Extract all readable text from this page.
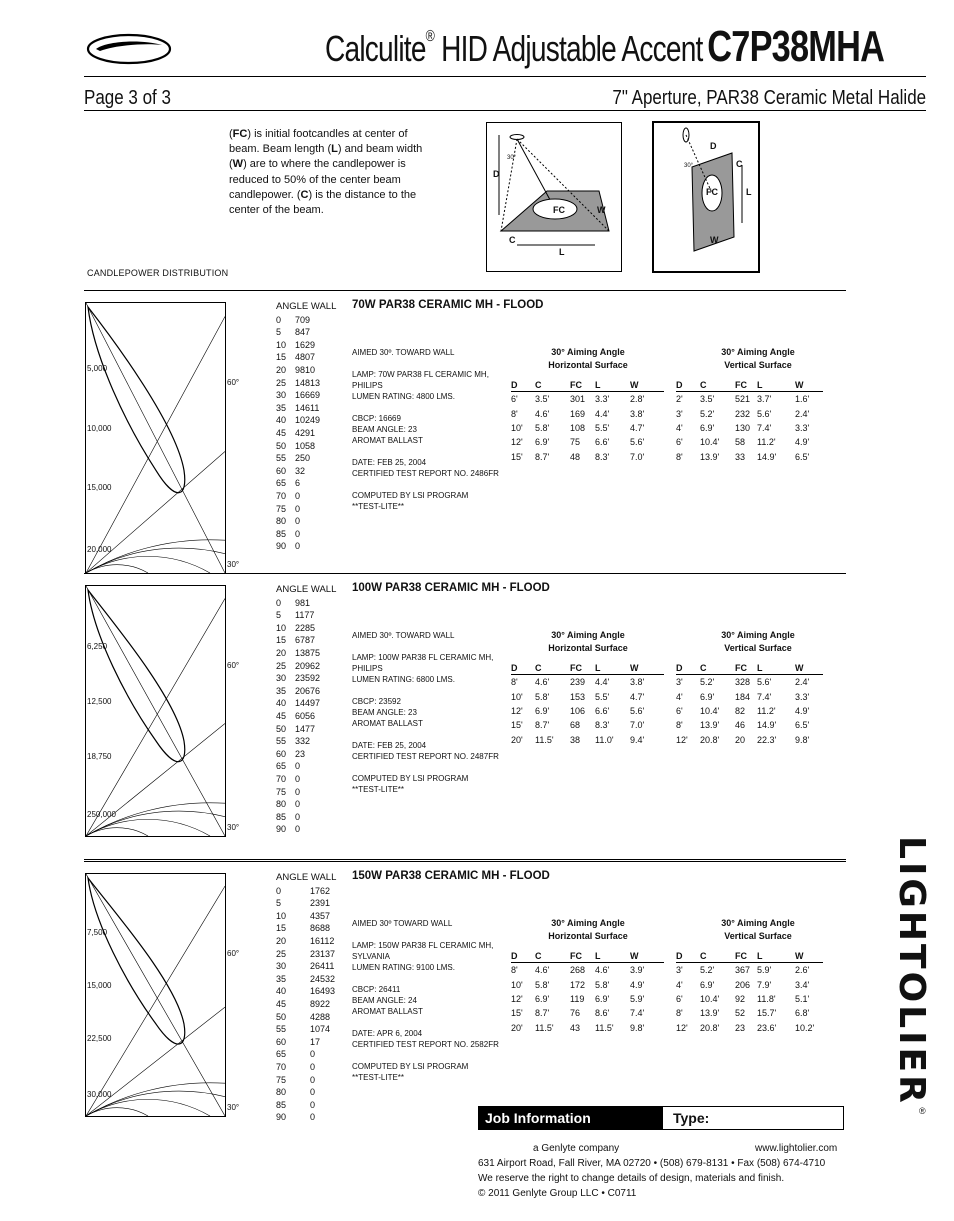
Calculite® HID Adjustable Accent C7P38MHA
Page 3 of 3	7" Aperture, PAR38 Ceramic Metal Halide
(FC) is initial footcandles at center of beam. Beam length (L) and beam width (W) are to where the candlepower is reduced to 50% of the center beam candlepower. (C) is the distance to the center of the beam.
D
30°
FC	W
C
L
D
30°	C
FC	L
W
CANDLEPOWER DISTRIBUTION
5,000
10,000
15,000
20,000
60°
30°
ANGLE WALL
0 709
5 847
10 1629
15 4807
20 9810
25 14813
30 16669
35 14611
40 10249
45 4291
50 1058
55 250
60 32
65 6
70 0
75 0
80 0
85 0
90 0
70W PAR38 CERAMIC MH - FLOOD
AIMED 30º. TOWARD WALL
LAMP: 70W PAR38 FL CERAMIC MH,
PHILIPS
LUMEN RATING: 4800 LMS.
CBCP: 16669
BEAM ANGLE: 23
AROMAT BALLAST
DATE: FEB 25, 2004
CERTIFIED TEST REPORT NO. 2486FR
COMPUTED BY LSI PROGRAM
**TEST-LITE**
30° Aiming Angle
Horizontal Surface
30° Aiming Angle
Vertical Surface
D	C	FC	L	W
6'	3.5'	301	3.3'	2.8'
8'	4.6'	169	4.4'	3.8'
10'	5.8'	108	5.5'	4.7'
12'	6.9'	75	6.6'	5.6'
15'	8.7'	48	8.3'	7.0'
D	C	FC	L	W
2'	3.5'	521	3.7'	1.6'
3'	5.2'	232	5.6'	2.4'
4'	6.9'	130	7.4'	3.3'
6'	10.4'	58	11.2'	4.9'
8'	13.9'	33	14.9'	6.5'
6,250
12,500
18,750
250,000
60°
30°
ANGLE WALL
0 981
5 1177
10 2285
15 6787
20 13875
25 20962
30 23592
35 20676
40 14497
45 6056
50 1477
55 332
60 23
65 0
70 0
75 0
80 0
85 0
90 0
100W PAR38 CERAMIC MH - FLOOD
AIMED 30º. TOWARD WALL
LAMP: 100W PAR38 FL CERAMIC MH,
PHILIPS
LUMEN RATING: 6800 LMS.
CBCP: 23592
BEAM ANGLE: 23
AROMAT BALLAST
DATE: FEB 25, 2004
CERTIFIED TEST REPORT NO. 2487FR
COMPUTED BY LSI PROGRAM
**TEST-LITE**
30° Aiming Angle
Horizontal Surface
30° Aiming Angle
Vertical Surface
D	C	FC	L	W
8'	4.6'	239	4.4'	3.8'
10'	5.8'	153	5.5'	4.7'
12'	6.9'	106	6.6'	5.6'
15'	8.7'	68	8.3'	7.0'
20'	11.5'	38	11.0'	9.4'
D	C	FC	L	W
3'	5.2'	328	5.6'	2.4'
4'	6.9'	184	7.4'	3.3'
6'	10.4'	82	11.2'	4.9'
8'	13.9'	46	14.9'	6.5'
12'	20.8'	20	22.3'	9.8'
7,500
15,000
22,500
30,000
60°
30°
ANGLE WALL
0	1762
5	2391
10	4357
15	8688
20	16112
25	23137
30	26411
35	24532
40	16493
45	8922
50	4288
55	1074
60	17
65	0
70	0
75	0
80	0
85	0
90	0
150W PAR38 CERAMIC MH - FLOOD
AIMED 30º TOWARD WALL
LAMP: 150W PAR38 FL CERAMIC MH,
SYLVANIA
LUMEN RATING: 9100 LMS.
CBCP: 26411
BEAM ANGLE: 24
AROMAT BALLAST
DATE: APR 6, 2004
CERTIFIED TEST REPORT NO. 2582FR
COMPUTED BY LSI PROGRAM
**TEST-LITE**
30° Aiming Angle
Horizontal Surface
30° Aiming Angle
Vertical Surface
D	C	FC	L	W
8'	4.6'	268	4.6'	3.9'
10'	5.8'	172	5.8'	4.9'
12'	6.9'	119	6.9'	5.9'
15'	8.7'	76	8.6'	7.4'
20'	11.5'	43	11.5'	9.8'
D	C	FC	L	W
3'	5.2'	367	5.9'	2.6'
4'	6.9'	206	7.9'	3.4'
6'	10.4'	92	11.8'	5.1'
8'	13.9'	52	15.7'	6.8'
12'	20.8'	23	23.6'	10.2'
Job Information	Type:
a Genlyte company	www.lightolier.com
631 Airport Road, Fall River, MA 02720 • (508) 679-8131 • Fax (508) 674-4710
We reserve the right to change details of design, materials and finish.
© 2011 Genlyte Group LLC • C0711
LIGHTOLIER
®
